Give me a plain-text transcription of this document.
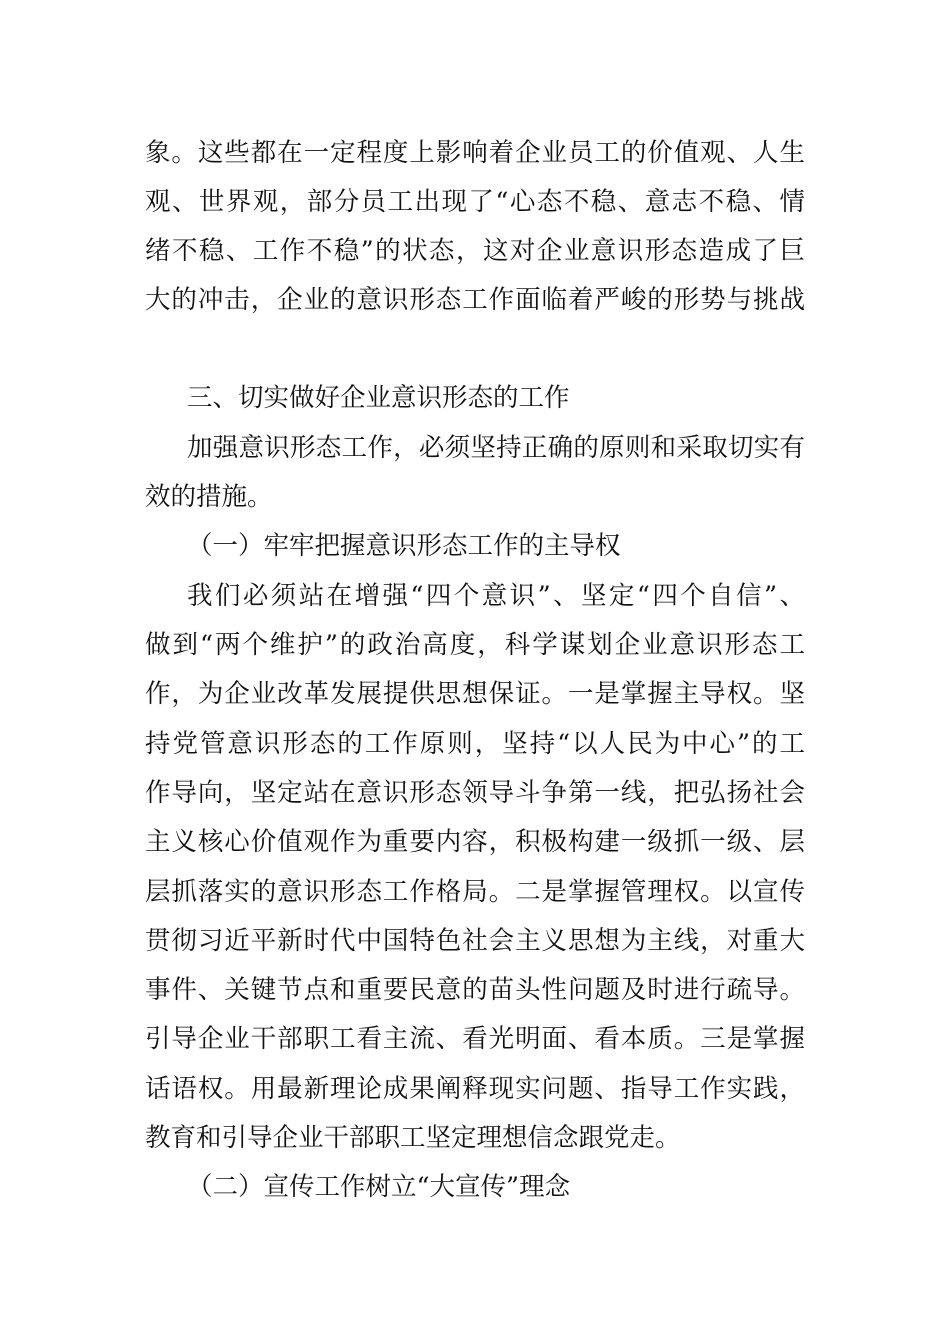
象。这些都在一定程度上影响着企业员工的价值观、人生
观、世界观，部分员工出现了“心态不稳、意志不稳、情
绪不稳、工作不稳”的状态，这对企业意识形态造成了巨
大的冲击，企业的意识形态工作面临着严峻的形势与挑战
三、切实做好企业意识形态的工作
加强意识形态工作，必须坚持正确的原则和采取切实有
效的措施。
（一）牢牢把握意识形态工作的主导权
我们必须站在增强“四个意识”、坚定“四个自信”、
做到“两个维护”的政治高度，科学谋划企业意识形态工
作，为企业改革发展提供思想保证。一是掌握主导权。坚
持党管意识形态的工作原则，坚持“以人民为中心”的工
作导向，坚定站在意识形态领导斗争第一线，把弘扬社会
主义核心价值观作为重要内容，积极构建一级抓一级、层
层抓落实的意识形态工作格局。二是掌握管理权。以宣传
贯彻习近平新时代中国特色社会主义思想为主线，对重大
事件、关键节点和重要民意的苗头性问题及时进行疏导。
引导企业干部职工看主流、看光明面、看本质。三是掌握
话语权。用最新理论成果阐释现实问题、指导工作实践，
教育和引导企业干部职工坚定理想信念跟党走。
（二）宣传工作树立“大宣传”理念
